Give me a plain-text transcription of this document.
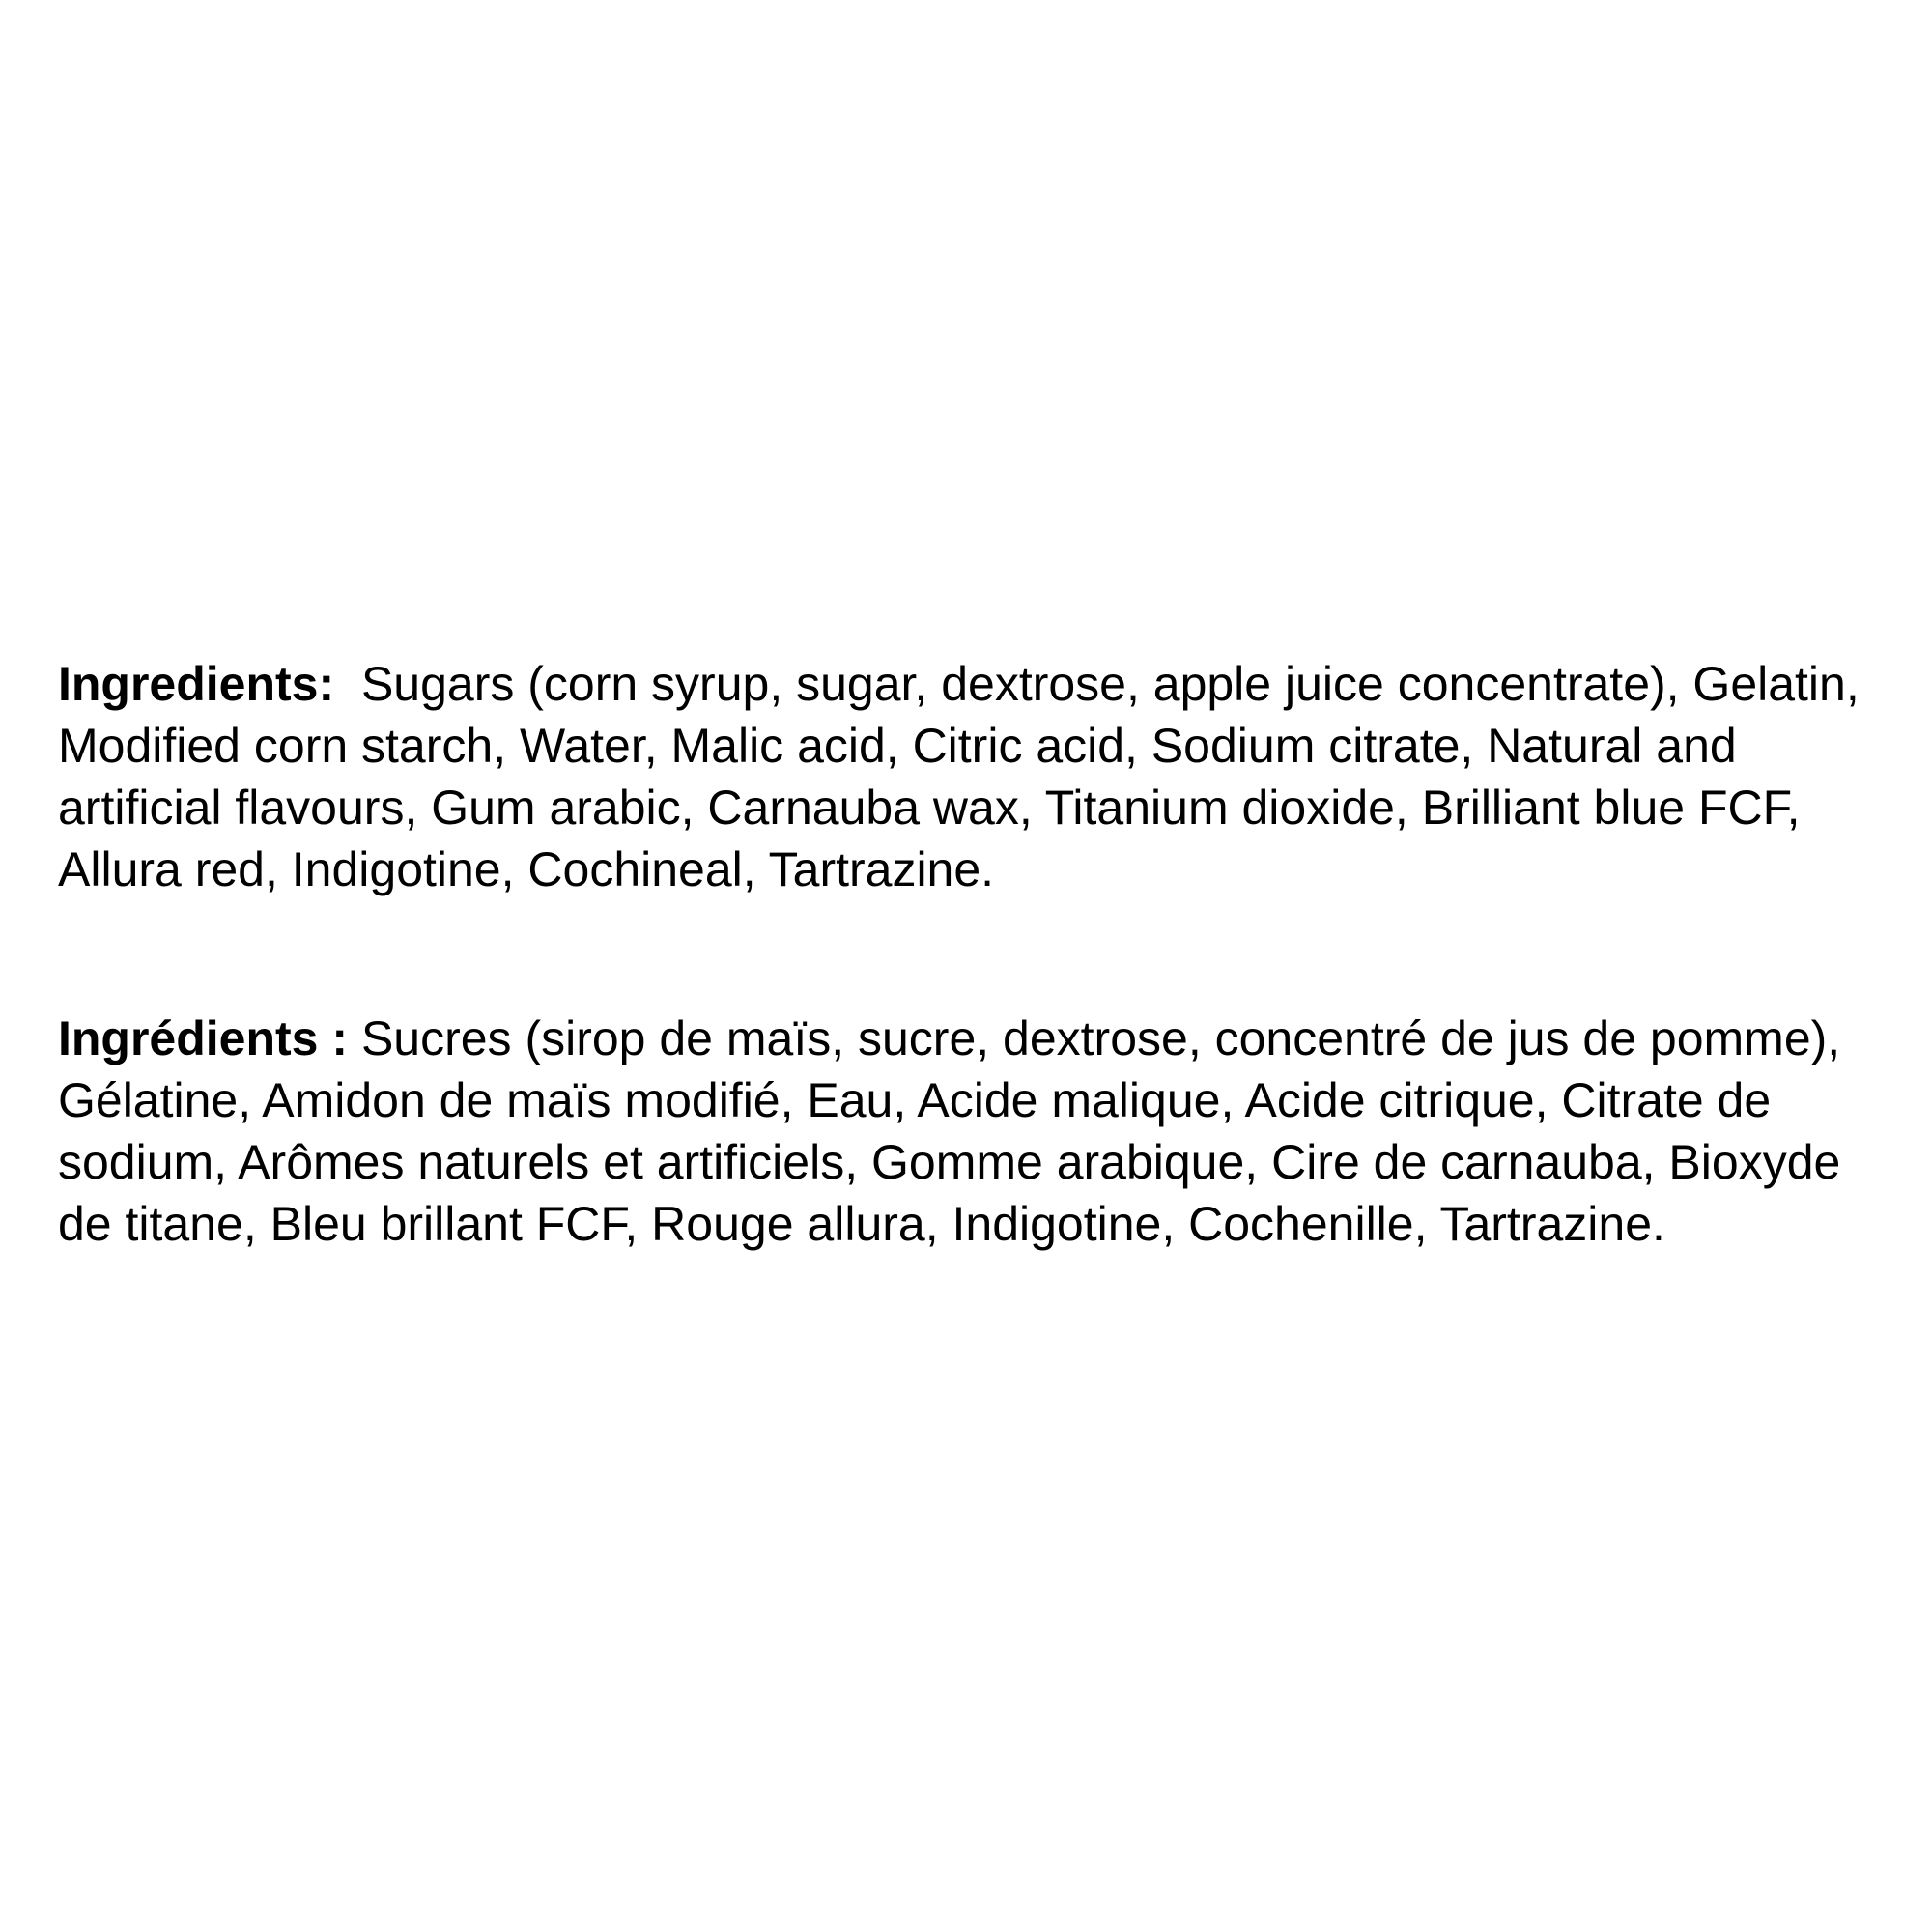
Ingredients: Sugars (corn syrup, sugar, dextrose, apple juice concentrate), Gelatin,
Modified corn starch, Water, Malic acid, Citric acid, Sodium citrate, Natural and
artificial flavours, Gum arabic, Carnauba wax, Titanium dioxide, Brilliant blue FCF,
Allura red, Indigotine, Cochineal, Tartrazine.
Ingrédients : Sucres (sirop de maïs, sucre, dextrose, concentré de jus de pomme),
Gélatine, Amidon de maïs modifié, Eau, Acide malique, Acide citrique, Citrate de
sodium, Arômes naturels et artificiels, Gomme arabique, Cire de carnauba, Bioxyde
de titane, Bleu brillant FCF, Rouge allura, Indigotine, Cochenille, Tartrazine.
